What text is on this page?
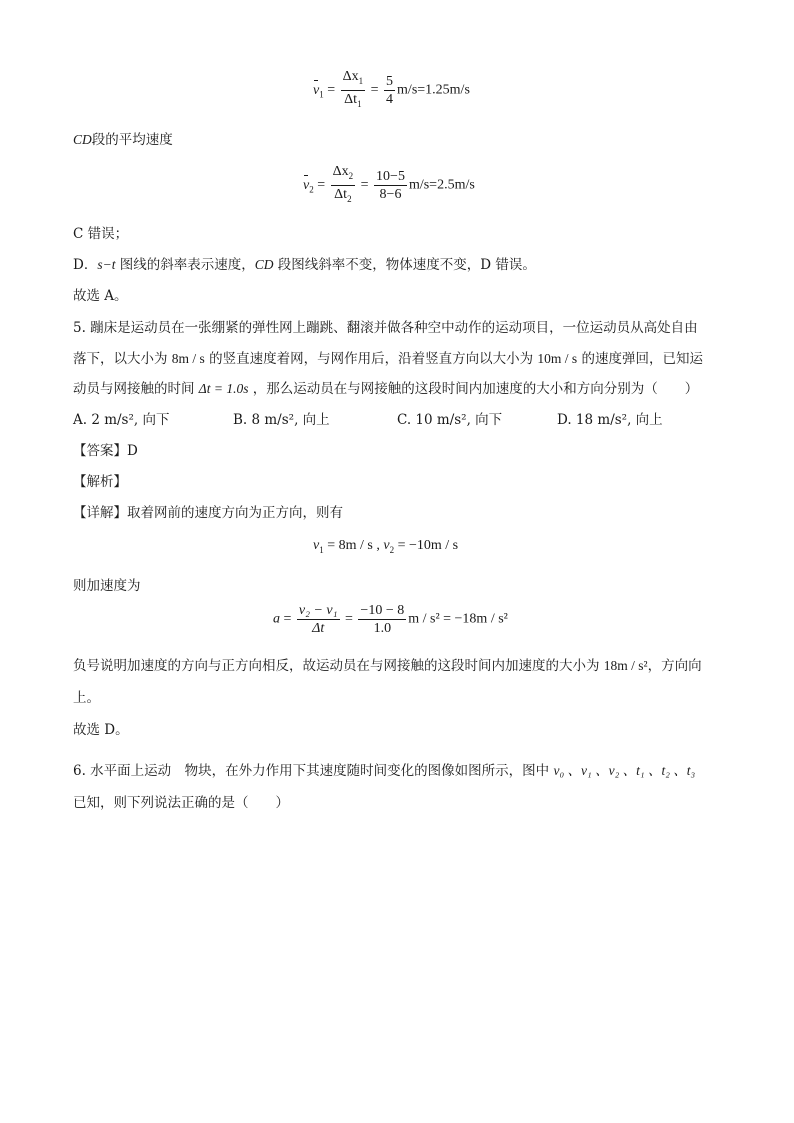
$v_1 = \frac{\Delta x_1}{\Delta t_1} = \frac{5}{4} m/s=1.25m/s$
CD段的平均速度
$v_2 = \frac{\Delta x_2}{\Delta t_2} = \frac{10-5}{8-6} m/s=2.5m/s$
C 错误；
D．s−t 图线的斜率表示速度，CD 段图线斜率不变，物体速度不变，D 错误。
故选 A。
5. 蹦床是运动员在一张绷紧的弹性网上蹦跳、翻滚并做各种空中动作的运动项目，一位运动员从高处自由
落下，以大小为 8m / s 的竖直速度着网，与网作用后，沿着竖直方向以大小为 10m / s 的速度弹回，已知运
动员与网接触的时间 Δt = 1.0s ，那么运动员在与网接触的这段时间内加速度的大小和方向分别为（　　）
A. 2 m/s², 向下	B. 8 m/s², 向上	C. 10 m/s², 向下	D. 18 m/s², 向上
【答案】D
【解析】
【详解】取着网前的速度方向为正方向，则有
$v_1 = 8m / s$ , $v_2 = -10m / s$
则加速度为
$a = \frac{\text{v₂ − v₁}}{\Delta t} = \frac{-10 - 8}{1.0}$ m / s² = −18m / s²
负号说明加速度的方向与正方向相反，故运动员在与网接触的这段时间内加速度的大小为 18m / s²，方向向
上。
故选 D。
6. 水平面上运动　物块，在外力作用下其速度随时间变化的图像如图所示，图中 v₀ 、v₁ 、v₂ 、t₁ 、t₂ 、t₃
已知，则下列说法正确的是（　　）
